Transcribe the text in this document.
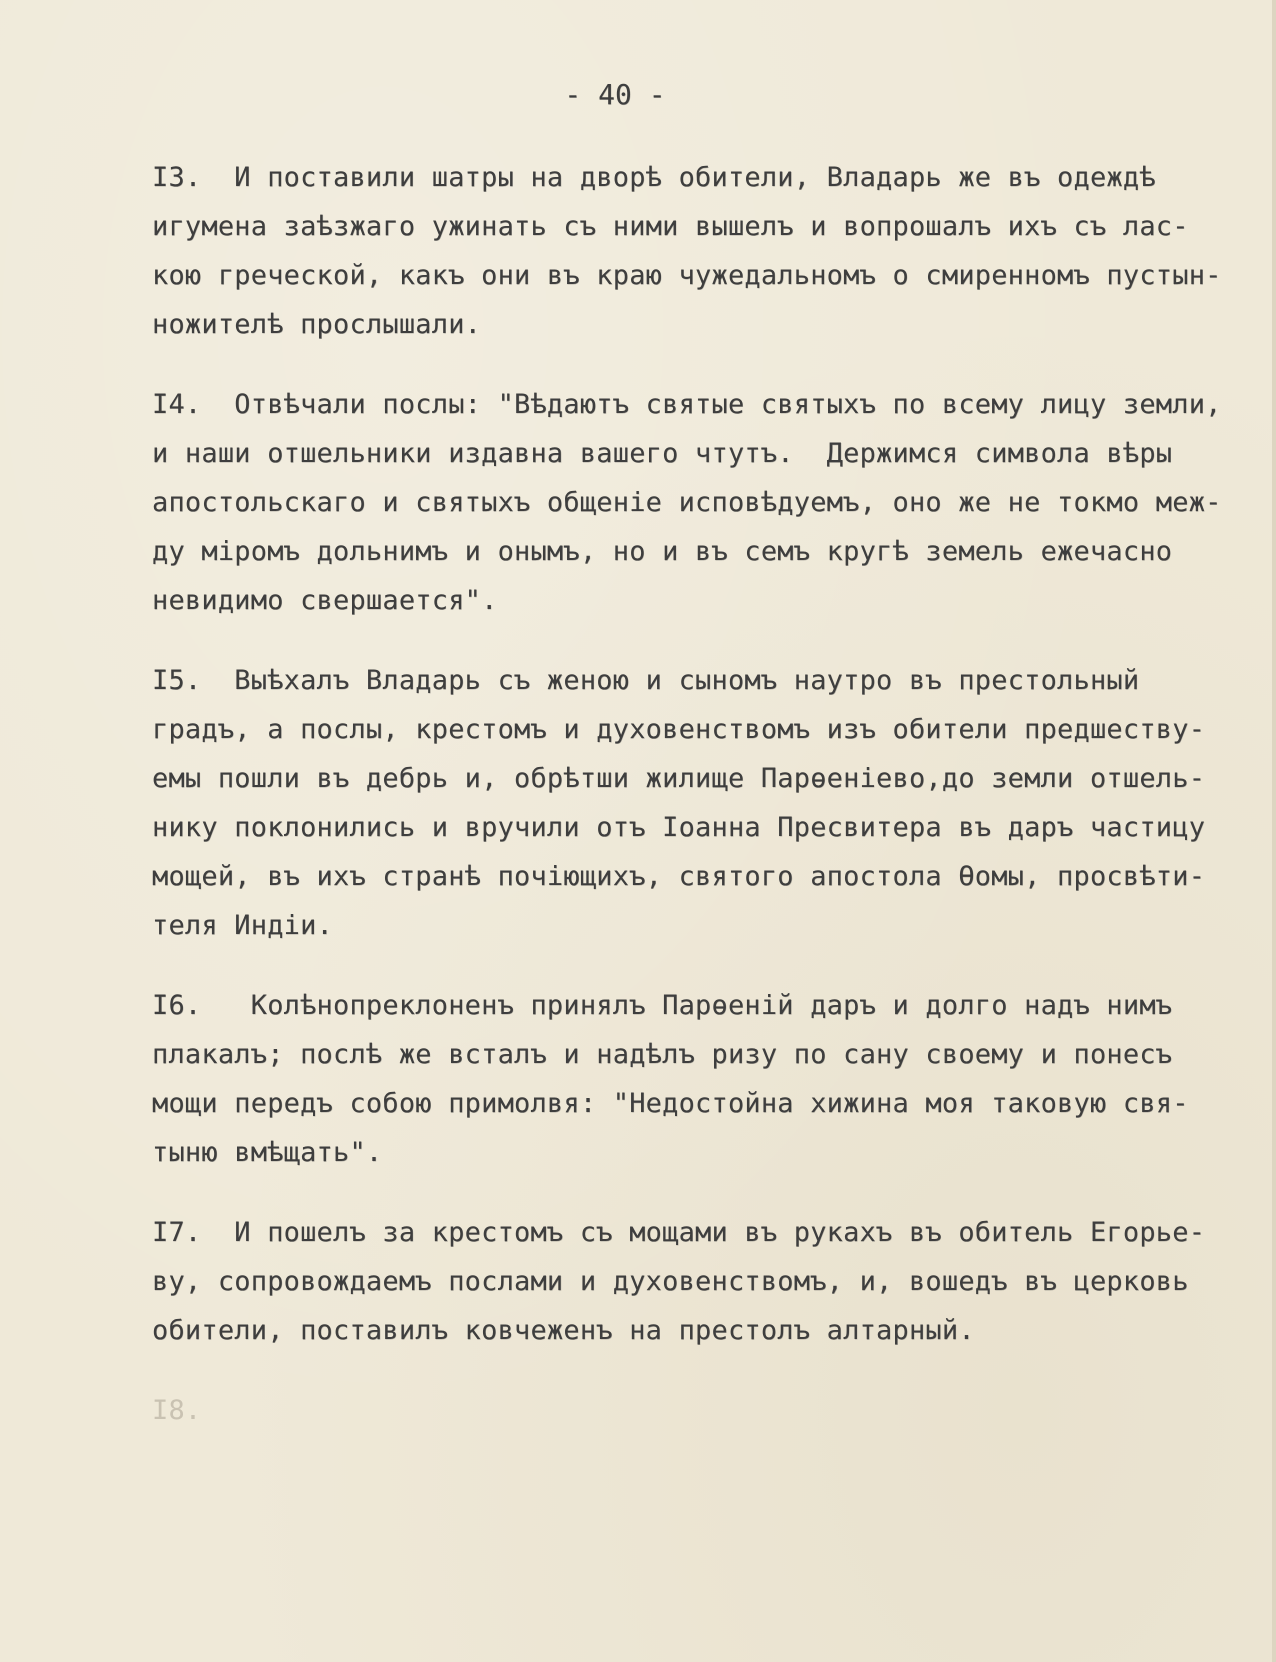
- 40 -
I3.  И поставили шатры на дворѣ обители, Владарь же въ одеждѣ
игумена заѣзжаго ужинать съ ними вышелъ и вопрошалъ ихъ съ лас-
кою греческой, какъ они въ краю чужедальномъ о смиренномъ пустын-
ножителѣ прослышали.
I4.  Отвѣчали послы: "Вѣдаютъ святые святыхъ по всему лицу земли,
и наши отшельники издавна вашего чтутъ.  Держимся символа вѣры
апостольскаго и святыхъ общеніе исповѣдуемъ, оно же не токмо меж-
ду міромъ дольнимъ и онымъ, но и въ семъ кругѣ земель ежечасно
невидимо свершается".
I5.  Выѣхалъ Владарь съ женою и сыномъ наутро въ престольный
градъ, а послы, крестомъ и духовенствомъ изъ обители предшеству-
емы пошли въ дебрь и, обрѣтши жилище Парѳеніево,до земли отшель-
нику поклонились и вручили отъ Іоанна Пресвитера въ даръ частицу
мощей, въ ихъ странѣ почіющихъ, святого апостола Ѳомы, просвѣти-
теля Индіи.
I6.   Колѣнопреклоненъ принялъ Парѳеній даръ и долго надъ нимъ
плакалъ; послѣ же всталъ и надѣлъ ризу по сану своему и понесъ
мощи передъ собою примолвя: "Недостойна хижина моя таковую свя-
тыню вмѣщать".
I7.  И пошелъ за крестомъ съ мощами въ рукахъ въ обитель Егорье-
ву, сопровождаемъ послами и духовенствомъ, и, вошедъ въ церковь
обители, поставилъ ковчеженъ на престолъ алтарный.
I8.
